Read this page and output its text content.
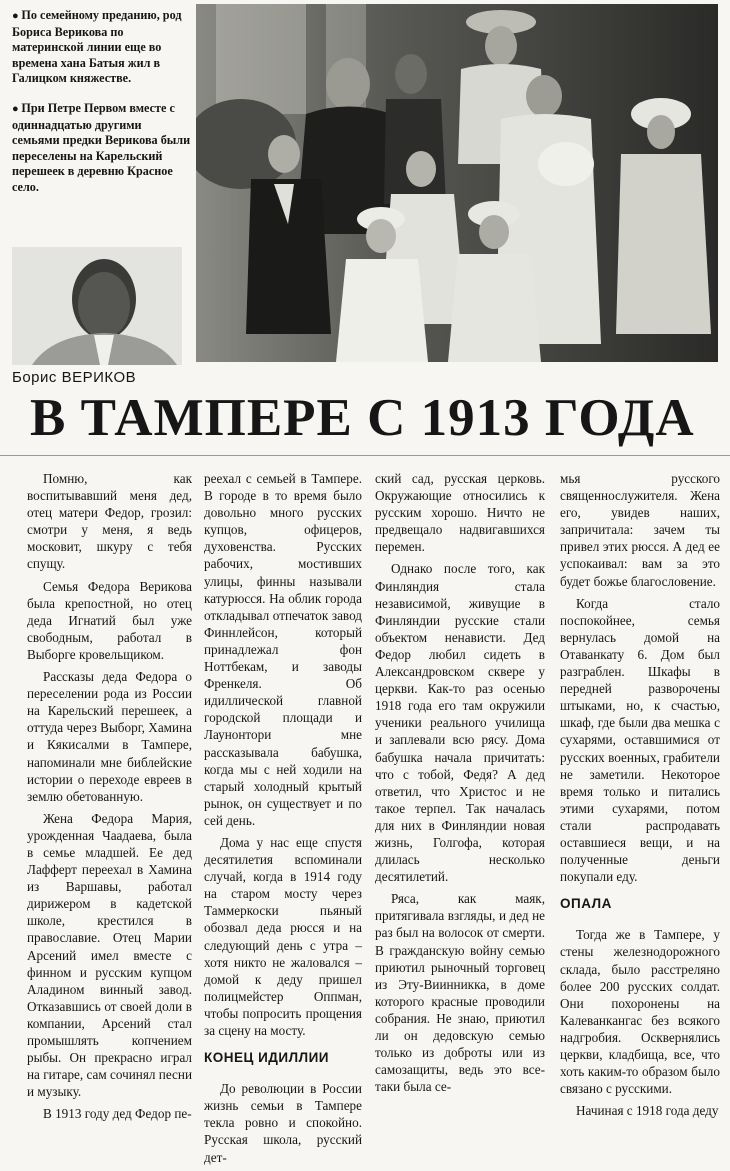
● По семейному преданию, род Бориса Верикова по материнской линии еще во времена хана Батыя жил в Галицком княжестве.

● При Петре Первом вместе с одиннадцатью другими семьями предки Верикова были переселены на Карельский перешеек в деревню Красное село.

Борис ВЕРИКОВ
В ТАМПЕРЕ С 1913 ГОДА

Помню, как воспитывавший меня дед, отец матери Федор, грозил: смотри у меня, я ведь московит, шкуру с тебя спущу.

Семья Федора Верикова была крепостной, но отец деда Игнатий был уже свободным, работал в Выборге кровельщиком.

Рассказы деда Федора о переселении рода из России на Карельский перешеек, а оттуда через Выборг, Хамина и Кякисалми в Тампере, напоминали мне библейские истории о переходе евреев в землю обетованную.

Жена Федора Мария, урожденная Чаадаева, была в семье младшей. Ее дед Лафферт переехал в Хамина из Варшавы, работал дирижером в кадетской школе, крестился в православие. Отец Марии Арсений имел вместе с финном и русским купцом Аладином винный завод. Отказавшись от своей доли в компании, Арсений стал промышлять копчением рыбы. Он прекрасно играл на гитаре, сам сочинял песни и музыку.

В 1913 году дед Федор пе-

реехал с семьей в Тампере. В городе в то время было довольно много русских купцов, офицеров, духовенства. Русских рабочих, мостивших улицы, финны называли катурюсся. На облик города откладывал отпечаток завод Финнлейсон, который принадлежал фон Ноттбекам, и заводы Френкеля. Об идиллической главной городской площади и Лаунонтори мне рассказывала бабушка, когда мы с ней ходили на старый холодный крытый рынок, он существует и по сей день.

Дома у нас еще спустя десятилетия вспоминали случай, когда в 1914 году на старом мосту через Таммеркоски пьяный обозвал деда рюсся и на следующий день с утра – хотя никто не жаловался – домой к деду пришел полицмейстер Оппман, чтобы попросить прощения за сцену на мосту.

КОНЕЦ ИДИЛЛИИ

До революции в России жизнь семьи в Тампере текла ровно и спокойно. Русская школа, русский дет-

ский сад, русская церковь. Окружающие относились к русским хорошо. Ничто не предвещало надвигавшихся перемен.

Однако после того, как Финляндия стала независимой, живущие в Финляндии русские стали объектом ненависти. Дед Федор любил сидеть в Александровском сквере у церкви. Как-то раз осенью 1918 года его там окружили ученики реального училища и заплевали всю рясу. Дома бабушка начала причитать: что с тобой, Федя? А дед ответил, что Христос и не такое терпел. Так началась для них в Финляндии новая жизнь, Голгофа, которая длилась несколько десятилетий.

Ряса, как маяк, притягивала взгляды, и дед не раз был на волосок от смерти. В гражданскую войну семью приютил рыночный торговец из Эту-Виинникка, в доме которого красные проводили собрания. Не знаю, приютил ли он дедовскую семью только из доброты или из самозащиты, ведь это все-таки была се-

мья русского священнослужителя. Жена его, увидев наших, запричитала: зачем ты привел этих рюсся. А дед ее успокаивал: вам за это будет божье благословение.

Когда стало поспокойнее, семья вернулась домой на Отаванкату 6. Дом был разграблен. Шкафы в передней разворочены штыками, но, к счастью, шкаф, где были два мешка с сухарями, оставшимися от русских военных, грабители не заметили. Некоторое время только и питались этими сухарями, потом стали распродавать оставшиеся вещи, и на полученные деньги покупали еду.

ОПАЛА

Тогда же в Тампере, у стены железнодорожного склада, было расстреляно более 200 русских солдат. Они похоронены на Калеванкангас без всякого надгробия. Осквернялись церкви, кладбища, все, что хоть каким-то образом было связано с русскими.

Начиная с 1918 года деду
